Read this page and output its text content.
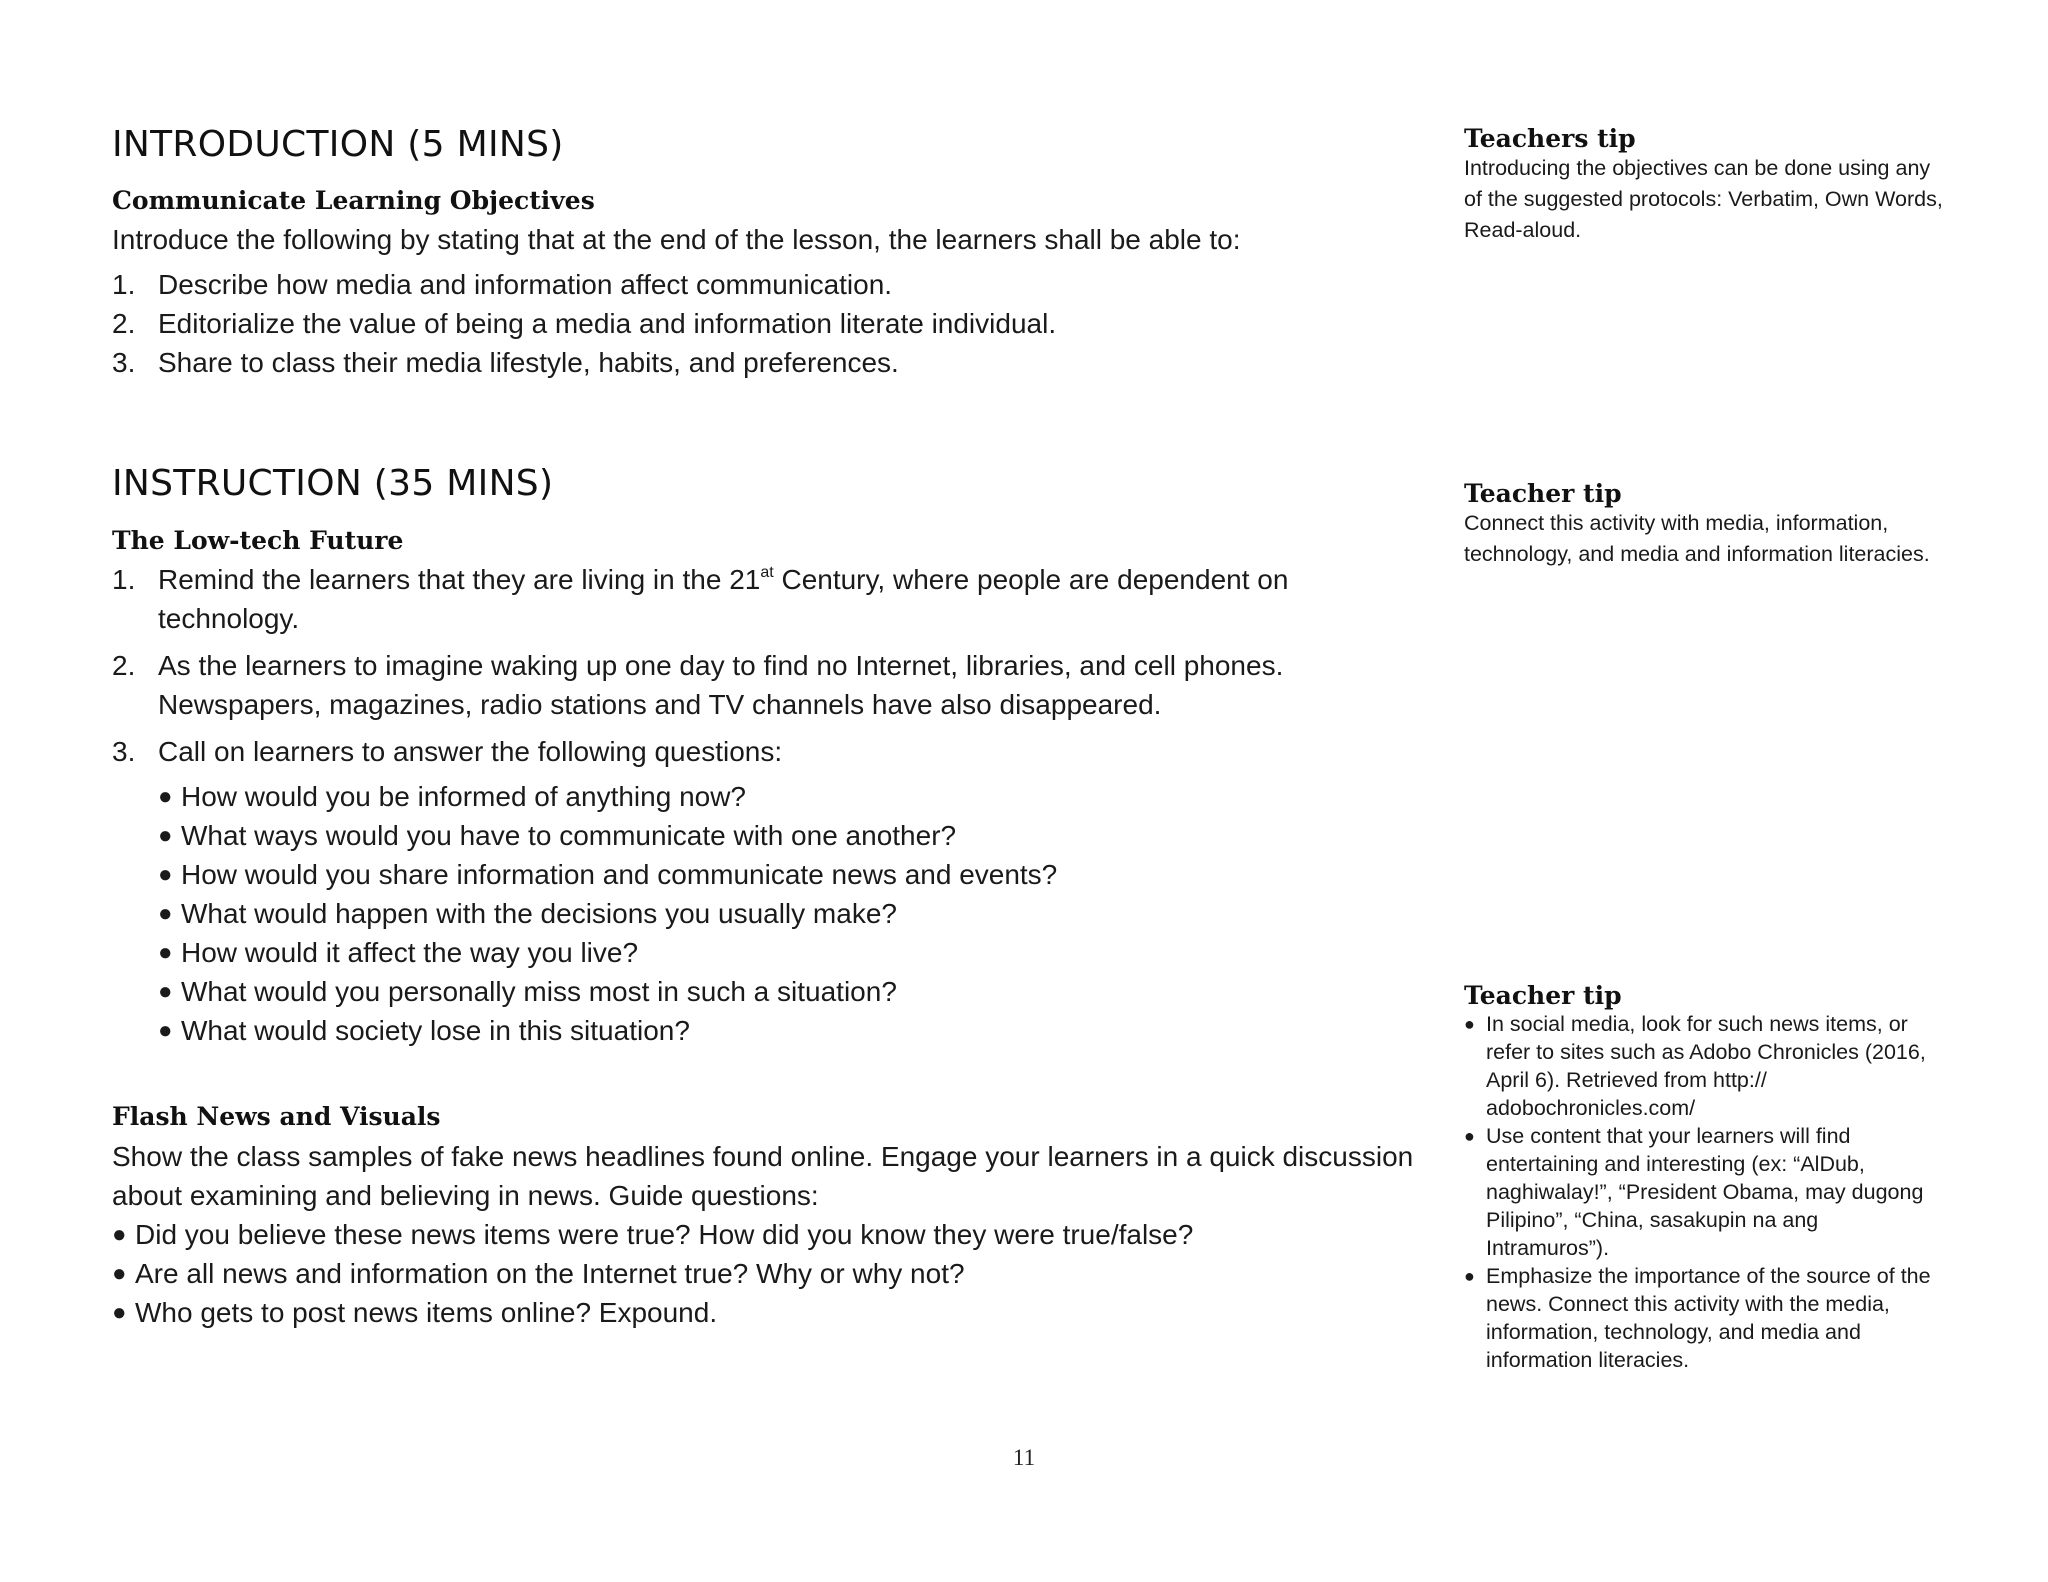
INTRODUCTION (5 MINS)

Communicate Learning Objectives

Introduce the following by stating that at the end of the lesson, the learners shall be able to:

1. Describe how media and information affect communication.
2. Editorialize the value of being a media and information literate individual.
3. Share to class their media lifestyle, habits, and preferences.
INSTRUCTION (35 MINS)

The Low-tech Future

1. Remind the learners that they are living in the $21^{at}$ Century, where people are dependent on technology.
2. As the learners to imagine waking up one day to find no Internet, libraries, and cell phones. Newspapers, magazines, radio stations and TV channels have also disappeared.
3. Call on learners to answer the following questions:
● How would you be informed of anything now?
● What ways would you have to communicate with one another?
● How would you share information and communicate news and events?
● What would happen with the decisions you usually make?
● How would it affect the way you live?
● What would you personally miss most in such a situation?
● What would society lose in this situation?

Flash News and Visuals

Show the class samples of fake news headlines found online. Engage your learners in a quick discussion about examining and believing in news. Guide questions:

● Did you believe these news items were true? How did you know they were true/false?
● Are all news and information on the Internet true? Why or why not?
● Who gets to post news items online? Expound.

Teachers tip

Introducing the objectives can be done using any of the suggested protocols: Verbatim, Own Words, Read-aloud.

Teacher tip

Connect this activity with media, information, technology, and media and information literacies.

Teacher tip

● In social media, look for such news items, or refer to sites such as Adobo Chronicles (2016, April 6). Retrieved from http:// adobochronicles.com/
● Use content that your learners will find entertaining and interesting (ex: “AlDub, naghiwalay!”, “President Obama, may dugong Pilipino”, “China, sasakupin na ang Intramuros”).
● Emphasize the importance of the source of the news. Connect this activity with the media, information, technology, and media and information literacies.
11
